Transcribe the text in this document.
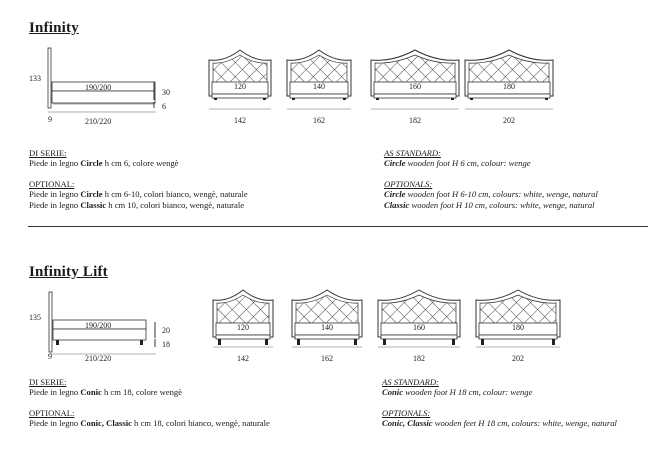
Infinity
133
190/200
30
6
9	210/220
120
142
140
162
160
182
180
202
DI SERIE:
Piede in legno Circle h cm 6, colore wengè
OPTIONAL:
Piede in legno Circle h cm 6-10, colori bianco, wengè, naturale
Piede in legno Classic h cm 10, colori bianco, wengè, naturale
AS STANDARD:
Circle wooden foot H 6 cm, colour: wenge
OPTIONALS:
Circle wooden foot H 6-10 cm, colours: white, wenge, natural
Classic wooden foot H 10 cm, colours: white, wenge, natural
Infinity Lift
135
190/200
20
18
9	210/220
120
142
140
162
160
182
180
202
DI SERIE:
Piede in legno Conic h cm 18, colore wengè
OPTIONAL:
Piede in legno Conic, Classic h cm 18, colori bianco, wengè, naturale
AS STANDARD:
Conic wooden foot H 18 cm, colour: wenge
OPTIONALS:
Conic, Classic wooden feet H 18 cm, colours: white, wenge, natural
